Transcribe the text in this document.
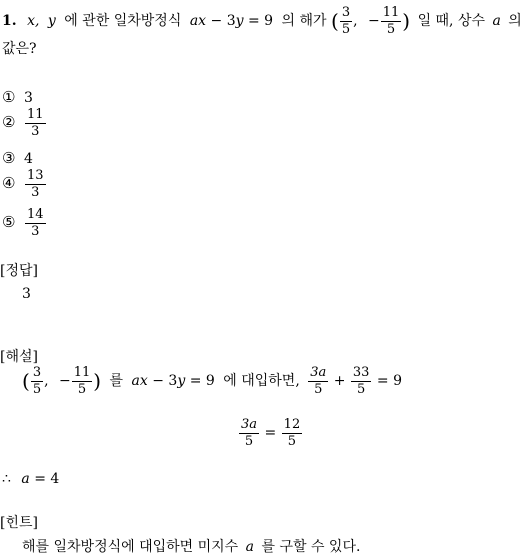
1. x, y 에 관한 일차방정식 ax − 3y = 9 의 해가 ( $\frac{3}{5}$ , − $\frac{11}{5}$ ) 일 때, 상수 a 의
값은?
① 3
② $\frac{11}{3}$
③ 4
④ $\frac{13}{3}$
⑤ $\frac{14}{3}$
[정답]
3
[해설]
( $\frac{3}{5}$ , − $\frac{11}{5}$ ) 를 ax − 3y = 9 에 대입하면, $\frac{3a}{5} + \frac{33}{5} = 9$
$\frac{3a}{5} = \frac{12}{5}$
∴ a = 4
[힌트]
해를 일차방정식에 대입하면 미지수 a 를 구할 수 있다.
